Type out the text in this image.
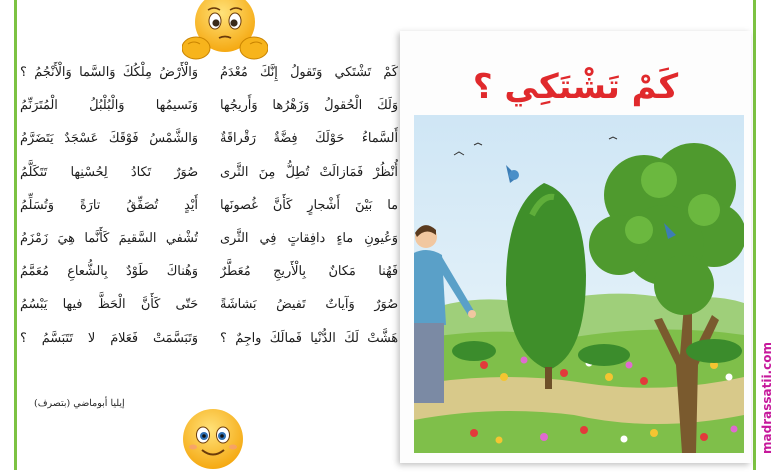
كَمْ تَشْتَكي وَتَقولُ إِنَّكَ مُعْدَمُ
وَلَكَ الْحُقولُ وَزَهْرُها وَأَريجُها
أَلسَّماءُ حَوْلَكَ فِضَّةٌ رَقْراقَةٌ
أُنْظُرْ فَمَازالَتْ تُطِلُّ مِنَ الثَّرى
ما بَيْنَ أَشْجارٍ كَأَنَّ غُصونَها
وَعُيونِ ماءٍ دافِقاتٍ فِي الثَّرى
فَهُنا مَكانٌ بِالْأَريجِ مُعَطَّرٌ
صُوَرٌ وَآياتٌ تَفيضُ بَشاشَةً
هَشَّتْ لَكَ الدُّنْيا فَمالَكَ واجِمٌ ؟
وَالْأَرْضُ مِلْكُكَ وَالسَّما وَالْأَنْجُمُ ؟
وَنَسيمُها وَالْبُلْبُلُ الْمُتَرَنِّمُ
وَالشَّمْسُ فَوْقَكَ عَسْجَدٌ يَتَضَرَّمُ
صُوَرٌ تَكادُ لِحُسْنِها تَتَكَلَّمُ
أَيْدٍ تُصَفِّقُ تارَةً وَتُسَلِّمُ
تُشْفي السَّقيمَ كَأَنَّما هِيَ زَمْزَمُ
وَهُناكَ طَوْدٌ بِالشُّعاعِ مُعَمَّمُ
حَتّى كَأَنَّ الْحَظَّ فيها يَبْسُمُ
وَتَبَسَّمَتْ فَعَلامَ لا تَتَبَسَّمُ ؟
إيليا أبوماضي (بتصرف)
كَمْ تَشْتَكِي ؟
madrassatii.com
